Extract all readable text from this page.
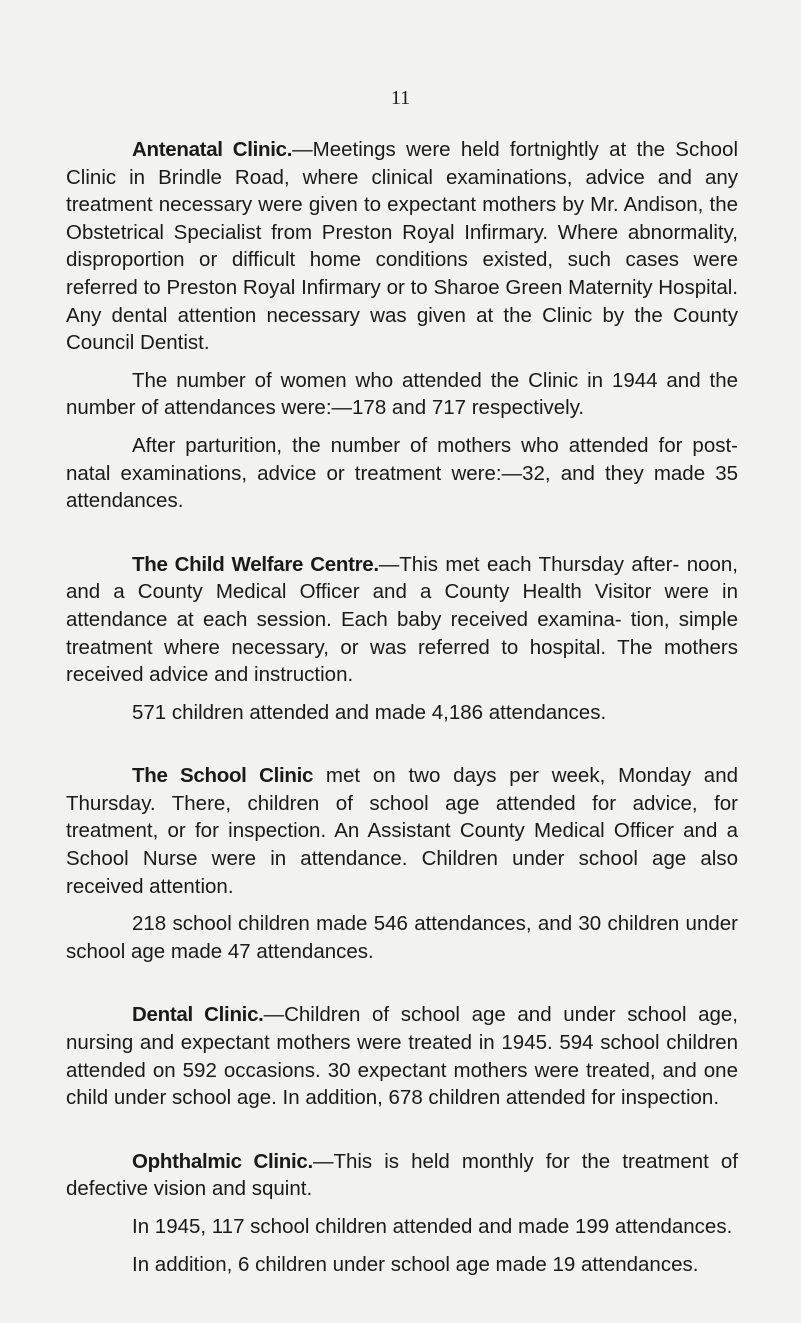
11

Antenatal Clinic.—Meetings were held fortnightly at the School Clinic in Brindle Road, where clinical examinations, advice and any treatment necessary were given to expectant mothers by Mr. Andison, the Obstetrical Specialist from Preston Royal Infirmary. Where abnormality, disproportion or difficult home conditions existed, such cases were referred to Preston Royal Infirmary or to Sharoe Green Maternity Hospital. Any dental attention necessary was given at the Clinic by the County Council Dentist.

The number of women who attended the Clinic in 1944 and the number of attendances were:—178 and 717 respectively.

After parturition, the number of mothers who attended for post-natal examinations, advice or treatment were:—32, and they made 35 attendances.

The Child Welfare Centre.—This met each Thursday after- noon, and a County Medical Officer and a County Health Visitor were in attendance at each session. Each baby received examina- tion, simple treatment where necessary, or was referred to hospital. The mothers received advice and instruction.

571 children attended and made 4,186 attendances.

The School Clinic met on two days per week, Monday and Thursday. There, children of school age attended for advice, for treatment, or for inspection. An Assistant County Medical Officer and a School Nurse were in attendance. Children under school age also received attention.

218 school children made 546 attendances, and 30 children under school age made 47 attendances.

Dental Clinic.—Children of school age and under school age, nursing and expectant mothers were treated in 1945. 594 school children attended on 592 occasions. 30 expectant mothers were treated, and one child under school age. In addition, 678 children attended for inspection.

Ophthalmic Clinic.—This is held monthly for the treatment of defective vision and squint.

In 1945, 117 school children attended and made 199 attendances.

In addition, 6 children under school age made 19 attendances.
